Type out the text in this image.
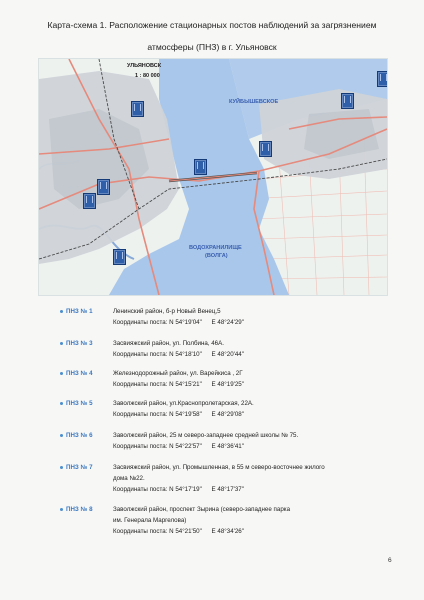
Карта-схема 1. Расположение стационарных постов наблюдений за загрязнением
атмосферы (ПНЗ) в г. Ульяновск
УЛЬЯНОВСК
1 : 80 000
КУЙБЫШЕВСКОЕ
ВОДОХРАНИЛИЩЕ
(ВОЛГА)
ПНЗ № 1	Ленинский район, б-р Новый Венец,5
Координаты поста: N 54°19'04" E 48°24'29"
ПНЗ № 3	Засвияжский район, ул. Полбина, 46А.
Координаты поста: N 54°18'10" E 48°20'44"
ПНЗ № 4	Железнодорожный район, ул. Варейкиса , 2Г
Координаты поста: N 54°15'21" E 48°19'25"
ПНЗ № 5	Заволжский район, ул.Краснопролетарская, 22А.
Координаты поста: N 54°19'58" E 48°29'08"
ПНЗ № 6	Заволжский район, 25 м северо-западнее средней школы № 75.
Координаты поста: N 54°22'57" E 48°36'41"
ПНЗ № 7	Засвияжский район, ул. Промышленная, в 55 м северо-восточнее жилого
дома №22.
Координаты поста: N 54°17'19" E 48°17'37"
ПНЗ № 8	Заволжский район, проспект Зырина (северо-западнее парка
им. Генерала Маргелова)
Координаты поста: N 54°21'50" E 48°34'26"
6
